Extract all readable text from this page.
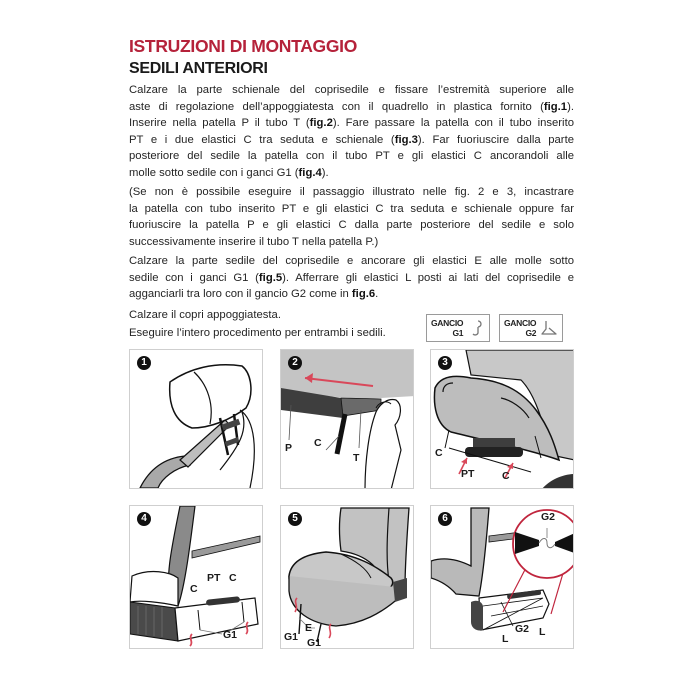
ISTRUZIONI DI MONTAGGIO
SEDILI ANTERIORI

Calzare la parte schienale del coprisedile e fissare l’estremità superiore alle
aste di regolazione dell’appoggiatesta con il quadrello in plastica fornito (fig.1).
Inserire nella patella P il tubo T (fig.2). Fare passare la patella con il tubo inserito
PT e i due elastici C tra seduta e schienale (fig.3). Far fuoriuscire dalla parte
posteriore del sedile la patella con il tubo PT e gli elastici C ancorandoli alle
molle sotto sedile con i ganci G1 (fig.4).

(Se non è possibile eseguire il passaggio illustrato nelle fig. 2 e 3, incastrare
la patella con tubo inserito PT e gli elastici C tra seduta e schienale oppure far
fuoriuscire la patella P e gli elastici C dalla parte posteriore del sedile e solo
successivamente inserire il tubo T nella patella P.)

Calzare la parte sedile del coprisedile e ancorare gli elastici E alle molle sotto
sedile con i ganci G1 (fig.5). Afferrare gli elastici L posti ai lati del coprisedile e
agganciarli tra loro con il gancio G2 come in fig.6.

Calzare il copri appoggiatesta.
Eseguire l’intero procedimento per entrambi i sedili.
GANCIO
G1
GANCIO
G2
1	2
P C
T
3
C
PT	C
4
C
PT C
G1
5
E
G1 G1
6	G2
G2
L
L
